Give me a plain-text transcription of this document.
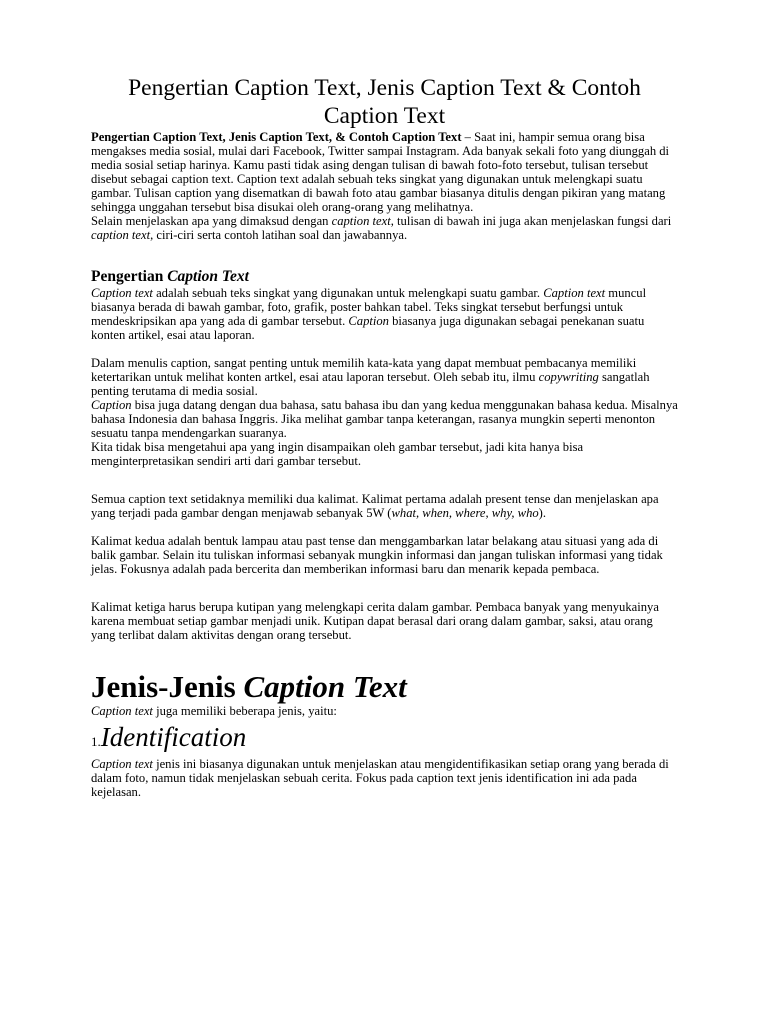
Pengertian Caption Text, Jenis Caption Text & Contoh Caption Text

Pengertian Caption Text, Jenis Caption Text, & Contoh Caption Text – Saat ini, hampir semua orang bisa mengakses media sosial, mulai dari Facebook, Twitter sampai Instagram. Ada banyak sekali foto yang diunggah di media sosial setiap harinya. Kamu pasti tidak asing dengan tulisan di bawah foto-foto tersebut, tulisan tersebut disebut sebagai caption text. Caption text adalah sebuah teks singkat yang digunakan untuk melengkapi suatu gambar. Tulisan caption yang disematkan di bawah foto atau gambar biasanya ditulis dengan pikiran yang matang sehingga unggahan tersebut bisa disukai oleh orang-orang yang melihatnya.

Selain menjelaskan apa yang dimaksud dengan caption text, tulisan di bawah ini juga akan menjelaskan fungsi dari caption text, ciri-ciri serta contoh latihan soal dan jawabannya.

Pengertian Caption Text

Caption text adalah sebuah teks singkat yang digunakan untuk melengkapi suatu gambar. Caption text muncul biasanya berada di bawah gambar, foto, grafik, poster bahkan tabel. Teks singkat tersebut berfungsi untuk mendeskripsikan apa yang ada di gambar tersebut. Caption biasanya juga digunakan sebagai penekanan suatu konten artikel, esai atau laporan.

Dalam menulis caption, sangat penting untuk memilih kata-kata yang dapat membuat pembacanya memiliki ketertarikan untuk melihat konten artkel, esai atau laporan tersebut. Oleh sebab itu, ilmu copywriting sangatlah penting terutama di media sosial.

Caption bisa juga datang dengan dua bahasa, satu bahasa ibu dan yang kedua menggunakan bahasa kedua. Misalnya bahasa Indonesia dan bahasa Inggris. Jika melihat gambar tanpa keterangan, rasanya mungkin seperti menonton sesuatu tanpa mendengarkan suaranya.

Kita tidak bisa mengetahui apa yang ingin disampaikan oleh gambar tersebut, jadi kita hanya bisa menginterpretasikan sendiri arti dari gambar tersebut.

Semua caption text setidaknya memiliki dua kalimat. Kalimat pertama adalah present tense dan menjelaskan apa yang terjadi pada gambar dengan menjawab sebanyak 5W (what, when, where, why, who).

Kalimat kedua adalah bentuk lampau atau past tense dan menggambarkan latar belakang atau situasi yang ada di balik gambar. Selain itu tuliskan informasi sebanyak mungkin informasi dan jangan tuliskan informasi yang tidak jelas. Fokusnya adalah pada bercerita dan memberikan informasi baru dan menarik kepada pembaca.

Kalimat ketiga harus berupa kutipan yang melengkapi cerita dalam gambar. Pembaca banyak yang menyukainya karena membuat setiap gambar menjadi unik. Kutipan dapat berasal dari orang dalam gambar, saksi, atau orang yang terlibat dalam aktivitas dengan orang tersebut.

Jenis-Jenis Caption Text

Caption text juga memiliki beberapa jenis, yaitu:

1.Identification

Caption text jenis ini biasanya digunakan untuk menjelaskan atau mengidentifikasikan setiap orang yang berada di dalam foto, namun tidak menjelaskan sebuah cerita. Fokus pada caption text jenis identification ini ada pada kejelasan.
